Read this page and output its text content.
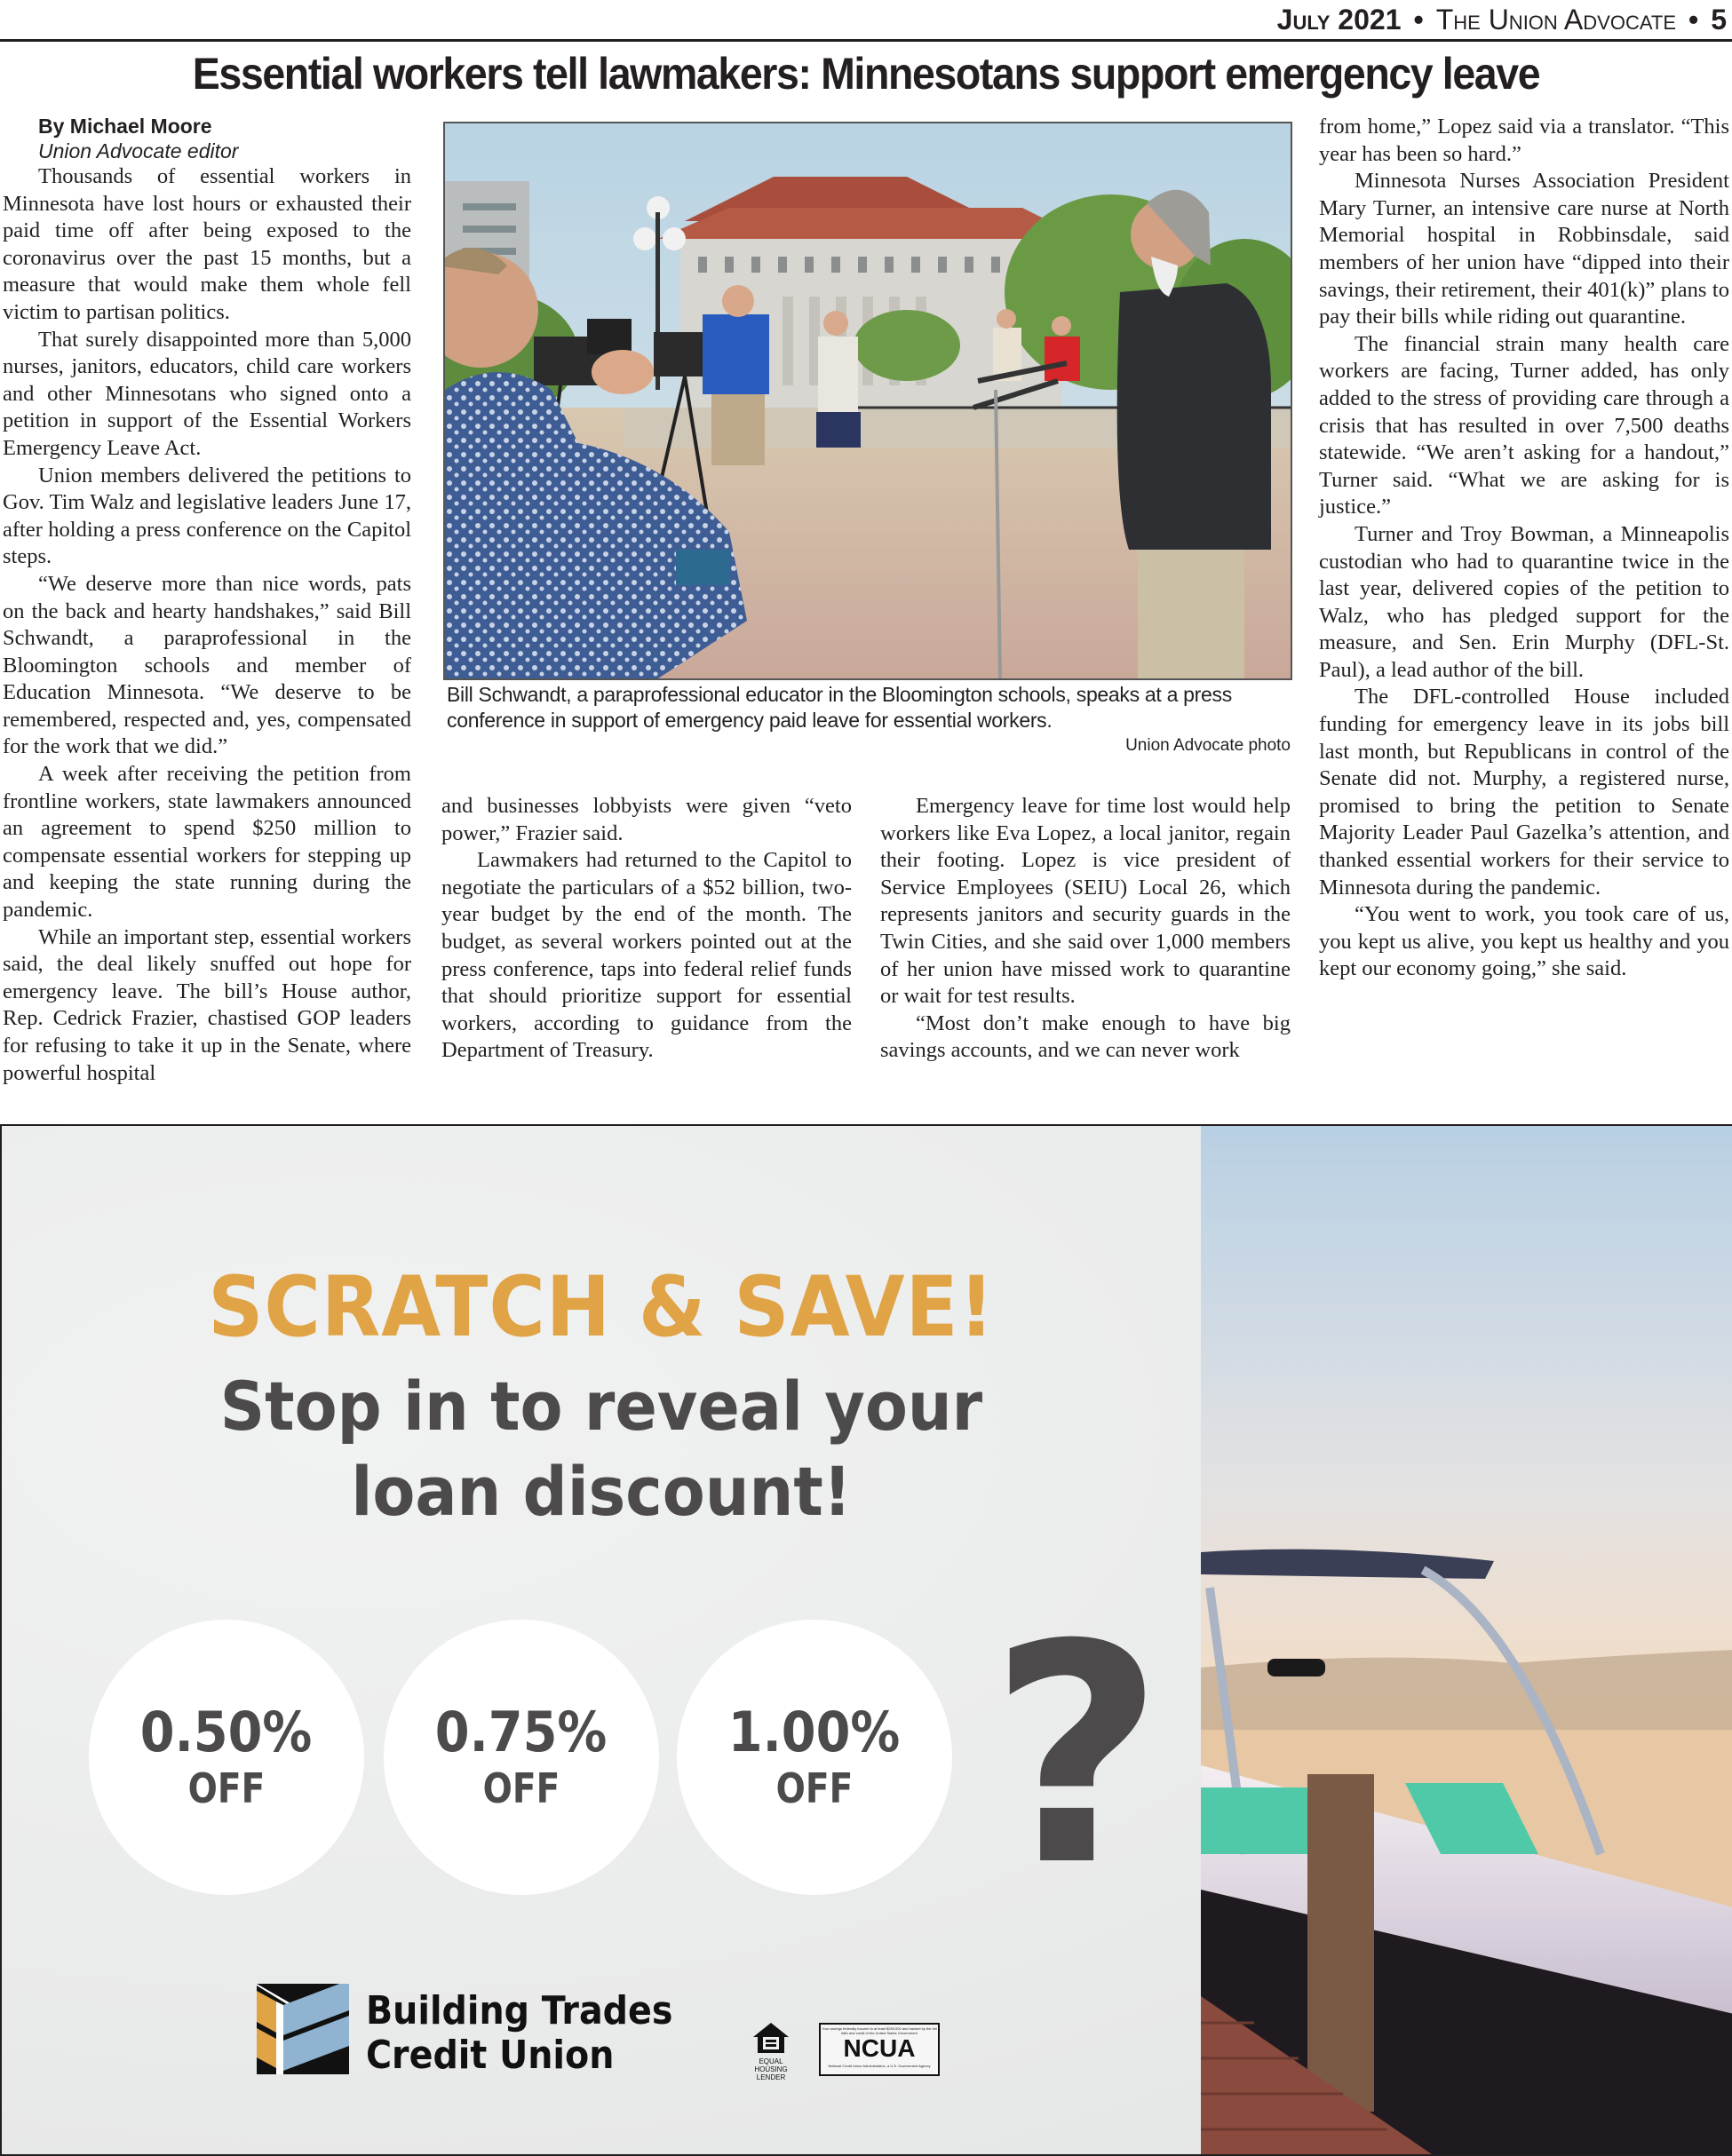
July 2021 • The Union Advocate • 5
Essential workers tell lawmakers: Minnesotans support emergency leave

By Michael Moore

Union Advocate editor

Thousands of essential workers in Minnesota have lost hours or exhausted their paid time off after being exposed to the coronavirus over the past 15 months, but a measure that would make them whole fell victim to partisan politics.

That surely disappointed more than 5,000 nurses, janitors, educators, child care workers and other Minnesotans who signed onto a petition in support of the Essential Workers Emergency Leave Act.

Union members delivered the petitions to Gov. Tim Walz and legislative leaders June 17, after holding a press conference on the Capitol steps.

“We deserve more than nice words, pats on the back and hearty handshakes,” said Bill Schwandt, a paraprofessional in the Bloomington schools and member of Education Minnesota. “We deserve to be remembered, respected and, yes, compensated for the work that we did.”

A week after receiving the petition from frontline workers, state lawmakers announced an agreement to spend $250 million to compensate essential workers for stepping up and keeping the state running during the pandemic.

While an important step, essential workers said, the deal likely snuffed out hope for emergency leave. The bill’s House author, Rep. Cedrick Frazier, chastised GOP leaders for refusing to take it up in the Senate, where powerful hospital

Bill Schwandt, a paraprofessional educator in the Bloomington schools, speaks at a press conference in support of emergency paid leave for essential workers.
Union Advocate photo

and businesses lobbyists were given “veto power,” Frazier said.

Lawmakers had returned to the Capitol to negotiate the particulars of a $52 billion, two-year budget by the end of the month. The budget, as several workers pointed out at the press conference, taps into federal relief funds that should prioritize support for essential workers, according to guidance from the Department of Treasury.

Emergency leave for time lost would help workers like Eva Lopez, a local janitor, regain their footing. Lopez is vice president of Service Employees (SEIU) Local 26, which represents janitors and security guards in the Twin Cities, and she said over 1,000 members of her union have missed work to quarantine or wait for test results.

“Most don’t make enough to have big savings accounts, and we can never work

from home,” Lopez said via a translator. “This year has been so hard.”

Minnesota Nurses Association President Mary Turner, an intensive care nurse at North Memorial hospital in Robbinsdale, said members of her union have “dipped into their savings, their retirement, their 401(k)” plans to pay their bills while riding out quarantine.

The financial strain many health care workers are facing, Turner added, has only added to the stress of providing care through a crisis that has resulted in over 7,500 deaths statewide. “We aren’t asking for a handout,” Turner said. “What we are asking for is justice.”

Turner and Troy Bowman, a Minneapolis custodian who had to quarantine twice in the last year, delivered copies of the petition to Walz, who has pledged support for the measure, and Sen. Erin Murphy (DFL-St. Paul), a lead author of the bill.

The DFL-controlled House included funding for emergency leave in its jobs bill last month, but Republicans in control of the Senate did not. Murphy, a registered nurse, promised to bring the petition to Senate Majority Leader Paul Gazelka’s attention, and thanked essential workers for their service to Minnesota during the pandemic.

“You went to work, you took care of us, you kept us alive, you kept us healthy and you kept our economy going,” she said.

SCRATCH & SAVE!
Stop in to reveal your
loan discount!
0.50%
OFF
0.75%
OFF
1.00%
OFF ?
Building Trades
Credit Union	EQUAL HOUSING LENDER
Your savings federally insured to at least $250,000 and backed by the full faith and credit of the United States Government
NCUA
National Credit Union Administration, a U.S. Government Agency
